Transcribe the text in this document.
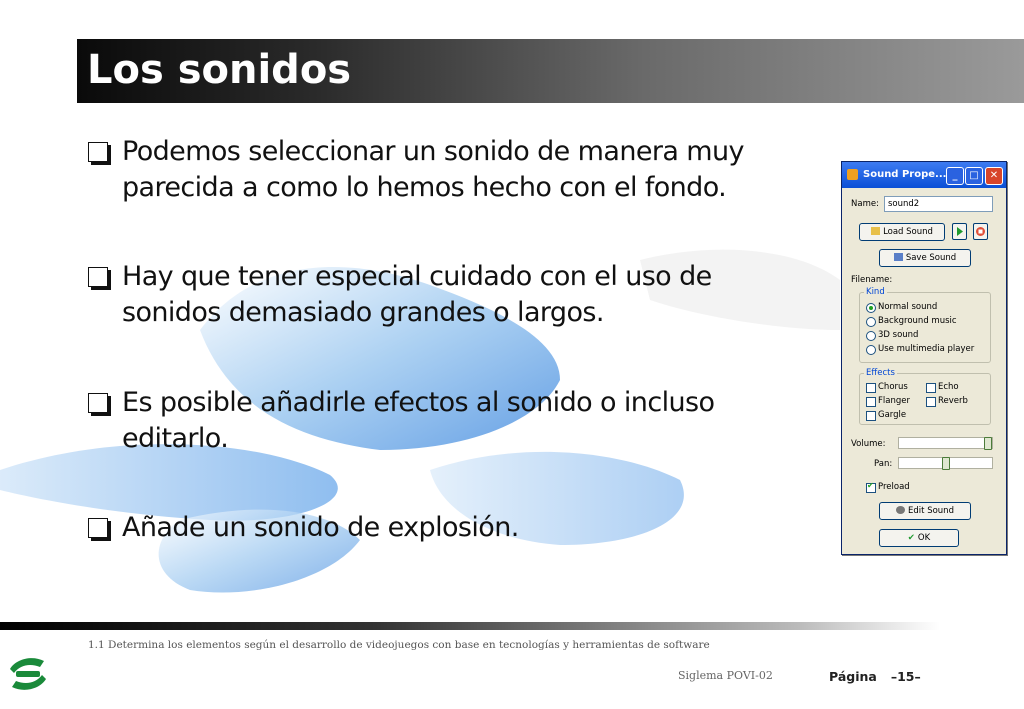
Los sonidos
Podemos seleccionar un sonido de manera muy parecida a como lo hemos hecho con el fondo.
Hay que tener especial cuidado con el uso de sonidos demasiado grandes o largos.
Es posible añadirle efectos al sonido o incluso editarlo.
Añade un sonido de explosión.
Sound Prope... _	□	✕
Name:	sound2
Load Sound
Save Sound
Filename:
Kind
Normal sound
Background music
3D sound
Use multimedia player
Effects
Chorus
Flanger
Gargle
Echo
Reverb
Volume:
Pan:
✔
Preload
Edit Sound
✔ OK
1.1 Determina los elementos según el desarrollo de videojuegos con base en tecnologías y herramientas de software
Siglema POVI-02	Página –15–
